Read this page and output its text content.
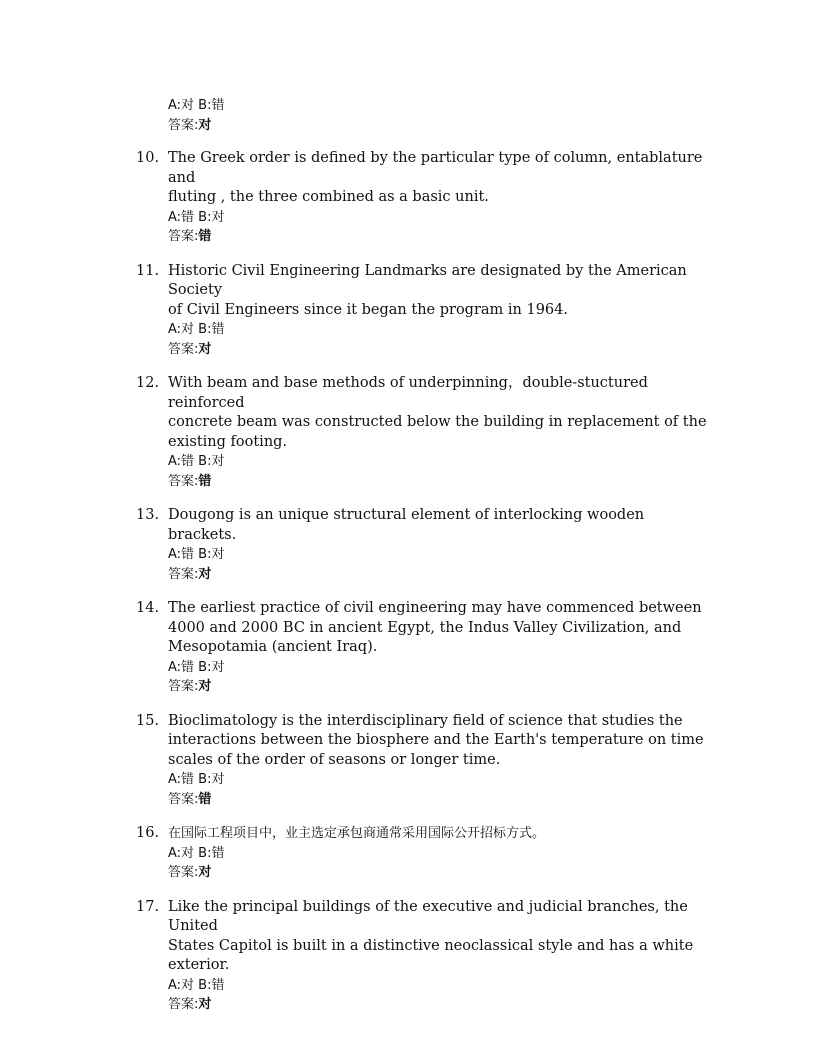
A:对 B:错
答案:对
10. The Greek order is defined by the particular type of column, entablature and
fluting , the three combined as a basic unit.
A:错 B:对
答案:错
11. Historic Civil Engineering Landmarks are designated by the American Society
of Civil Engineers since it began the program in 1964.
A:对 B:错
答案:对
12. With beam and base methods of underpinning，double-stuctured reinforced
concrete beam was constructed below the building in replacement of the
existing footing.
A:错 B:对
答案:错
13. Dougong is an unique structural element of interlocking wooden brackets.
A:错 B:对
答案:对
14. The earliest practice of civil engineering may have commenced between
4000 and 2000 BC in ancient Egypt, the Indus Valley Civilization, and
Mesopotamia (ancient Iraq).
A:错 B:对
答案:对
15. Bioclimatology is the interdisciplinary field of science that studies the
interactions between the biosphere and the Earth's temperature on time
scales of the order of seasons or longer time.
A:错 B:对
答案:错
16. 在国际工程项目中，业主选定承包商通常采用国际公开招标方式。
A:对 B:错
答案:对
17. Like the principal buildings of the executive and judicial branches, the United
States Capitol is built in a distinctive neoclassical style and has a white
exterior.
A:对 B:错
答案:对
